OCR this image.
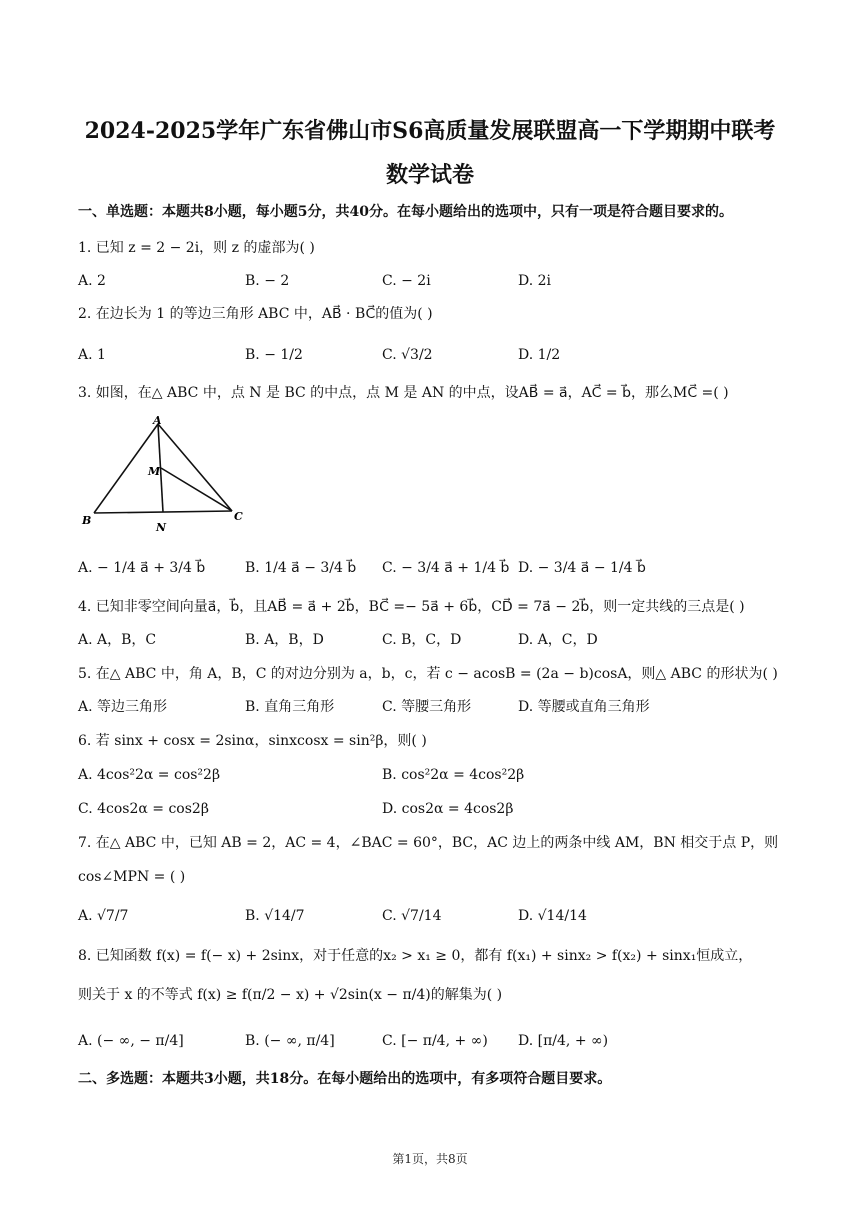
2024-2025学年广东省佛山市S6高质量发展联盟高一下学期期中联考
数学试卷
一、单选题：本题共8小题，每小题5分，共40分。在每小题给出的选项中，只有一项是符合题目要求的。
1. 已知 z = 2 − 2i，则 z 的虚部为( )
A. 2	B. − 2	C. − 2i	D. 2i
2. 在边长为 1 的等边三角形 ABC 中，AB⃗ · BC⃗的值为( )
A. 1	B. − 1/2	C. √3/2	D. 1/2
3. 如图，在△ ABC 中，点 N 是 BC 的中点，点 M 是 AN 的中点，设AB⃗ = a⃗，AC⃗ = b⃗，那么MC⃗ =( )
A
B	C
M
N
A. − 1/4 a⃗ + 3/4 b⃗	B. 1/4 a⃗ − 3/4 b⃗ C. − 3/4 a⃗ + 1/4 b⃗ D. − 3/4 a⃗ − 1/4 b⃗
4. 已知非零空间向量a⃗，b⃗，且AB⃗ = a⃗ + 2b⃗，BC⃗ =− 5a⃗ + 6b⃗，CD⃗ = 7a⃗ − 2b⃗，则一定共线的三点是( )
A. A，B，C	B. A，B，D	C. B，C，D	D. A，C，D
5. 在△ ABC 中，角 A，B，C 的对边分别为 a，b，c，若 c − acosB = (2a − b)cosA，则△ ABC 的形状为( )
A. 等边三角形	B. 直角三角形	C. 等腰三角形	D. 等腰或直角三角形
6. 若 sinx + cosx = 2sinα，sinxcosx = sin²β，则( )
A. 4cos²2α = cos²2β	B. cos²2α = 4cos²2β
C. 4cos2α = cos2β	D. cos2α = 4cos2β
7. 在△ ABC 中，已知 AB = 2，AC = 4，∠BAC = 60°，BC，AC 边上的两条中线 AM，BN 相交于点 P，则
cos∠MPN = ( )
A. √7/7	B. √14/7	C. √7/14	D. √14/14
8. 已知函数 f(x) = f(− x) + 2sinx，对于任意的x₂ > x₁ ≥ 0，都有 f(x₁) + sinx₂ > f(x₂) + sinx₁恒成立，
则关于 x 的不等式 f(x) ≥ f(π/2 − x) + √2sin(x − π/4)的解集为( )
A. (− ∞, − π/4]	B. (− ∞, π/4]	C. [− π/4, + ∞) D. [π/4, + ∞)
二、多选题：本题共3小题，共18分。在每小题给出的选项中，有多项符合题目要求。
第1页，共8页
